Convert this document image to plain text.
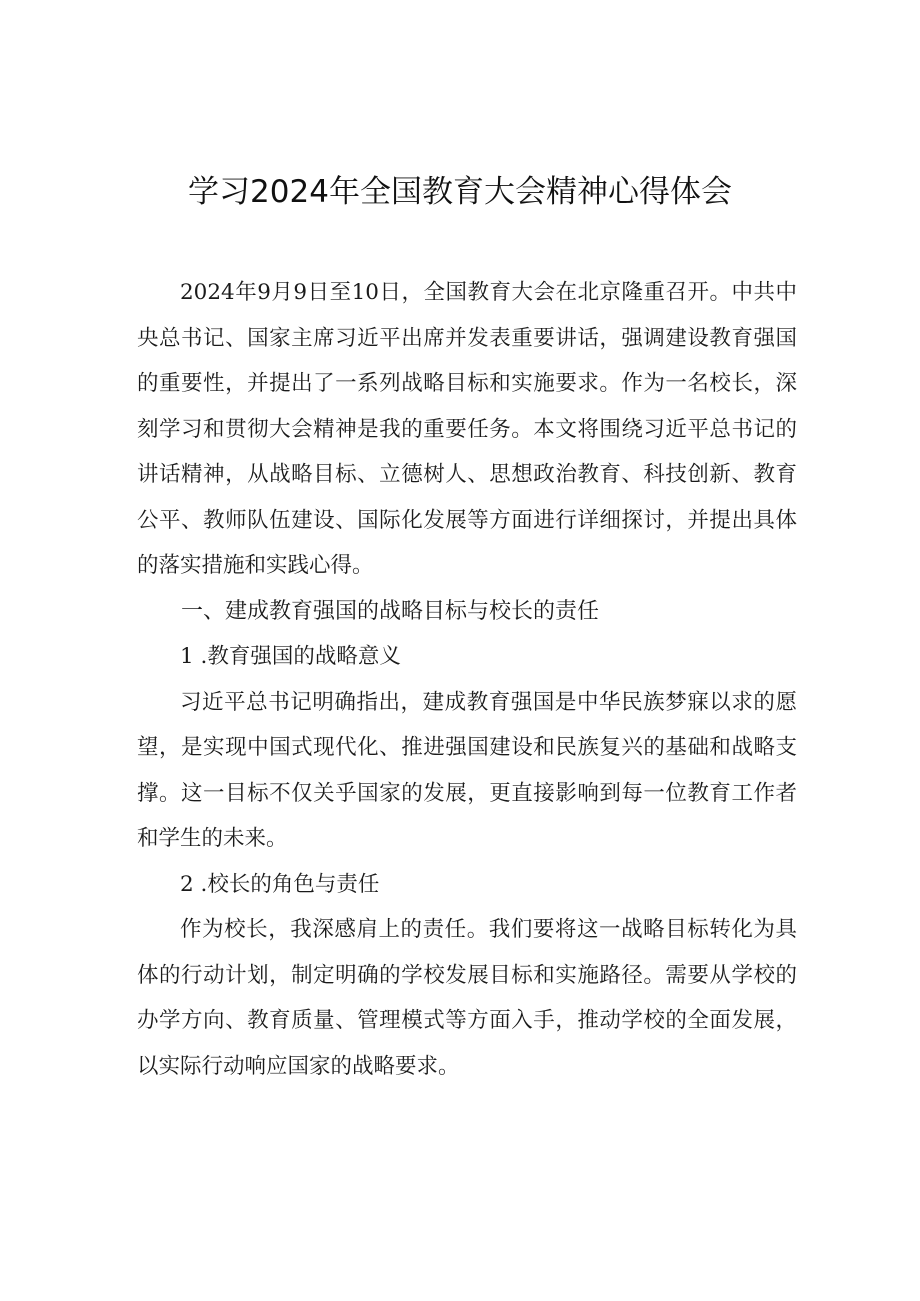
学习2024年全国教育大会精神心得体会

2024年9月9日至10日，全国教育大会在北京隆重召开。中共中央总书记、国家主席习近平出席并发表重要讲话，强调建设教育强国的重要性，并提出了一系列战略目标和实施要求。作为一名校长，深刻学习和贯彻大会精神是我的重要任务。本文将围绕习近平总书记的讲话精神，从战略目标、立德树人、思想政治教育、科技创新、教育公平、教师队伍建设、国际化发展等方面进行详细探讨，并提出具体的落实措施和实践心得。

一、建成教育强国的战略目标与校长的责任

1 .教育强国的战略意义

习近平总书记明确指出，建成教育强国是中华民族梦寐以求的愿望，是实现中国式现代化、推进强国建设和民族复兴的基础和战略支撑。这一目标不仅关乎国家的发展，更直接影响到每一位教育工作者和学生的未来。

2 .校长的角色与责任

作为校长，我深感肩上的责任。我们要将这一战略目标转化为具体的行动计划，制定明确的学校发展目标和实施路径。需要从学校的办学方向、教育质量、管理模式等方面入手，推动学校的全面发展，以实际行动响应国家的战略要求。
